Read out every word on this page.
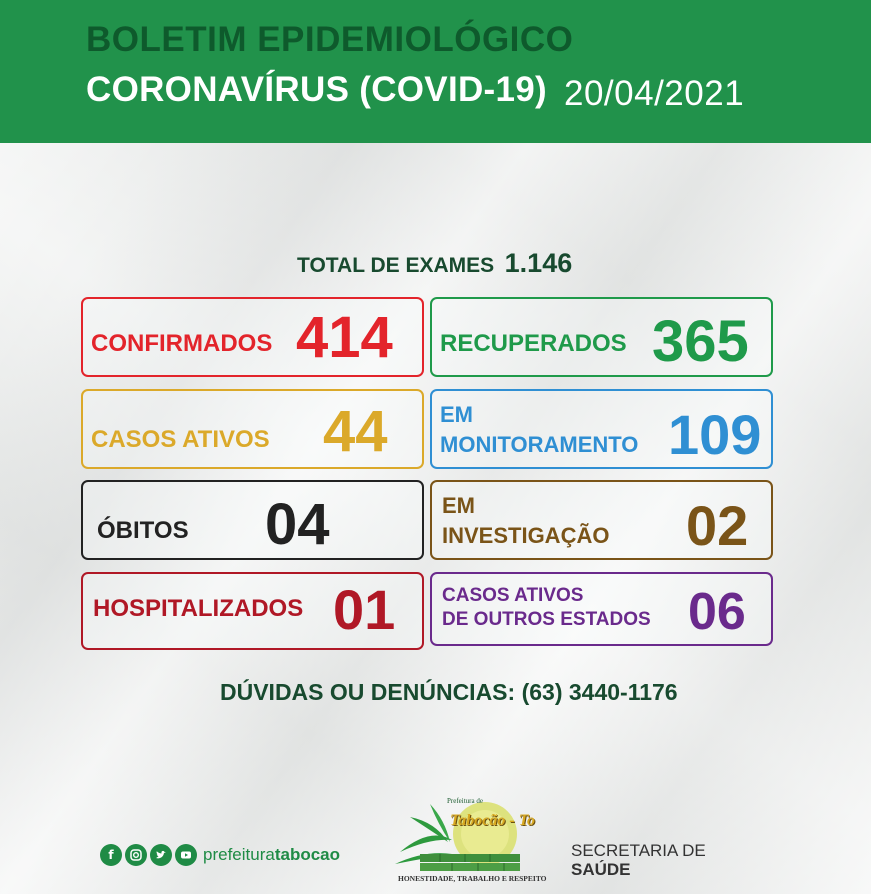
BOLETIM EPIDEMIOLÓGICO
CORONAVÍRUS (COVID-19) 20/04/2021
TOTAL DE EXAMES 1.146
CONFIRMADOS 414 RECUPERADOS 365
CASOS ATIVOS 44 EM
MONITORAMENTO 109
ÓBITOS 04	EM
INVESTIGAÇÃO 02
HOSPITALIZADOS 01 CASOS ATIVOS
DE OUTROS ESTADOS 06
DÚVIDAS OU DENÚNCIAS: (63) 3440-1176
f	prefeituratabocao
Prefeitura de
Tabocão - To
HONESTIDADE, TRABALHO E RESPEITO
SECRETARIA DE
SAÚDE
